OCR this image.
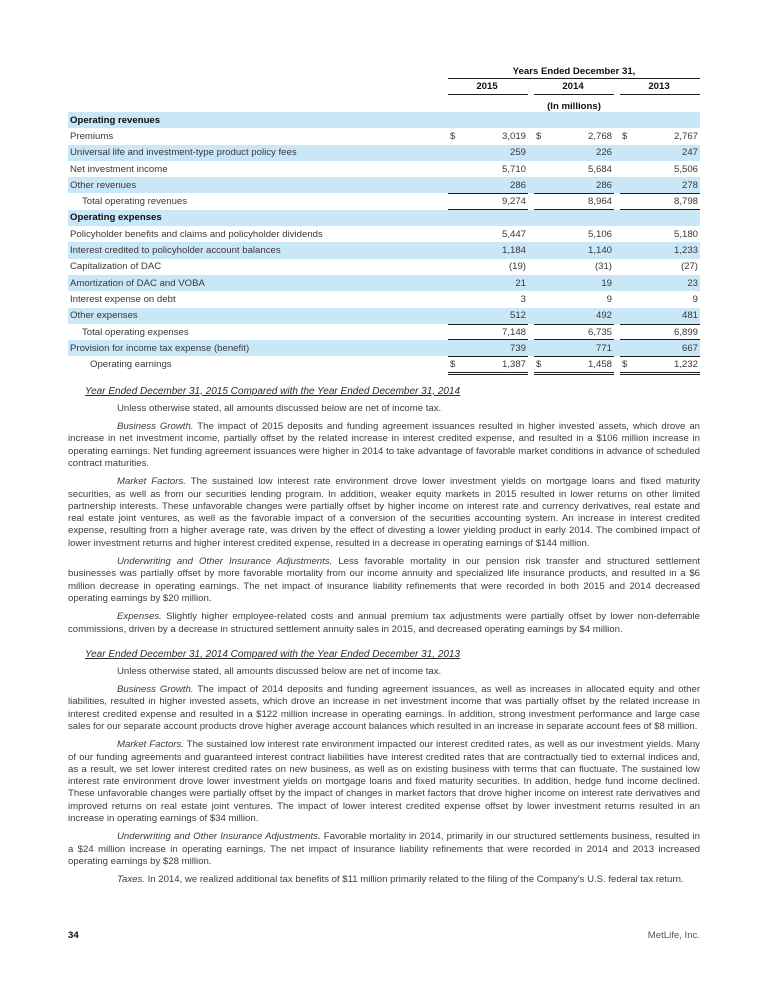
Years Ended December 31,
2015	2014	2013
(In millions)
Operating revenues
Premiums	$	3,019 $	2,768 $	2,767
Universal life and investment-type product policy fees	259	226	247
Net investment income	5,710	5,684	5,506
Other revenues	286	286	278
Total operating revenues	9,274	8,964	8,798
Operating expenses
Policyholder benefits and claims and policyholder dividends	5,447	5,106	5,180
Interest credited to policyholder account balances	1,184	1,140	1,233
Capitalization of DAC	(19)	(31)	(27)
Amortization of DAC and VOBA	21	19	23
Interest expense on debt	3	9	9
Other expenses	512	492	481
Total operating expenses	7,148	6,735	6,899
Provision for income tax expense (benefit)	739	771	667
Operating earnings	$	1,387 $	1,458 $	1,232
Year Ended December 31, 2015 Compared with the Year Ended December 31, 2014

Unless otherwise stated, all amounts discussed below are net of income tax.

Business Growth. The impact of 2015 deposits and funding agreement issuances resulted in higher invested assets, which drove an increase in net investment income, partially offset by the related increase in interest credited expense, and resulted in a $106 million increase in operating earnings. Net funding agreement issuances were higher in 2014 to take advantage of favorable market conditions in advance of scheduled contract maturities.

Market Factors. The sustained low interest rate environment drove lower investment yields on mortgage loans and fixed maturity securities, as well as from our securities lending program. In addition, weaker equity markets in 2015 resulted in lower returns on other limited partnership interests. These unfavorable changes were partially offset by higher income on interest rate and currency derivatives, real estate and real estate joint ventures, as well as the favorable impact of a conversion of the securities accounting system. An increase in interest credited expense, resulting from a higher average rate, was driven by the effect of divesting a lower yielding product in early 2014. The combined impact of lower investment returns and higher interest credited expense, resulted in a decrease in operating earnings of $144 million.

Underwriting and Other Insurance Adjustments. Less favorable mortality in our pension risk transfer and structured settlement businesses was partially offset by more favorable mortality from our income annuity and specialized life insurance products, and resulted in a $6 million decrease in operating earnings. The net impact of insurance liability refinements that were recorded in both 2015 and 2014 decreased operating earnings by $20 million.

Expenses. Slightly higher employee-related costs and annual premium tax adjustments were partially offset by lower non-deferrable commissions, driven by a decrease in structured settlement annuity sales in 2015, and decreased operating earnings by $4 million.

Year Ended December 31, 2014 Compared with the Year Ended December 31, 2013

Unless otherwise stated, all amounts discussed below are net of income tax.

Business Growth. The impact of 2014 deposits and funding agreement issuances, as well as increases in allocated equity and other liabilities, resulted in higher invested assets, which drove an increase in net investment income that was partially offset by the related increase in interest credited expense and resulted in a $122 million increase in operating earnings. In addition, strong investment performance and large case sales for our separate account products drove higher average account balances which resulted in an increase in separate account fees of $8 million.

Market Factors. The sustained low interest rate environment impacted our interest credited rates, as well as our investment yields. Many of our funding agreements and guaranteed interest contract liabilities have interest credited rates that are contractually tied to external indices and, as a result, we set lower interest credited rates on new business, as well as on existing business with terms that can fluctuate. The sustained low interest rate environment drove lower investment yields on mortgage loans and fixed maturity securities. In addition, hedge fund income declined. These unfavorable changes were partially offset by the impact of changes in market factors that drove higher income on interest rate derivatives and improved returns on real estate joint ventures. The impact of lower interest credited expense offset by lower investment returns resulted in an increase in operating earnings of $34 million.

Underwriting and Other Insurance Adjustments. Favorable mortality in 2014, primarily in our structured settlements business, resulted in a $24 million increase in operating earnings. The net impact of insurance liability refinements that were recorded in 2014 and 2013 increased operating earnings by $28 million.

Taxes. In 2014, we realized additional tax benefits of $11 million primarily related to the filing of the Company's U.S. federal tax return.

34	MetLife, Inc.
